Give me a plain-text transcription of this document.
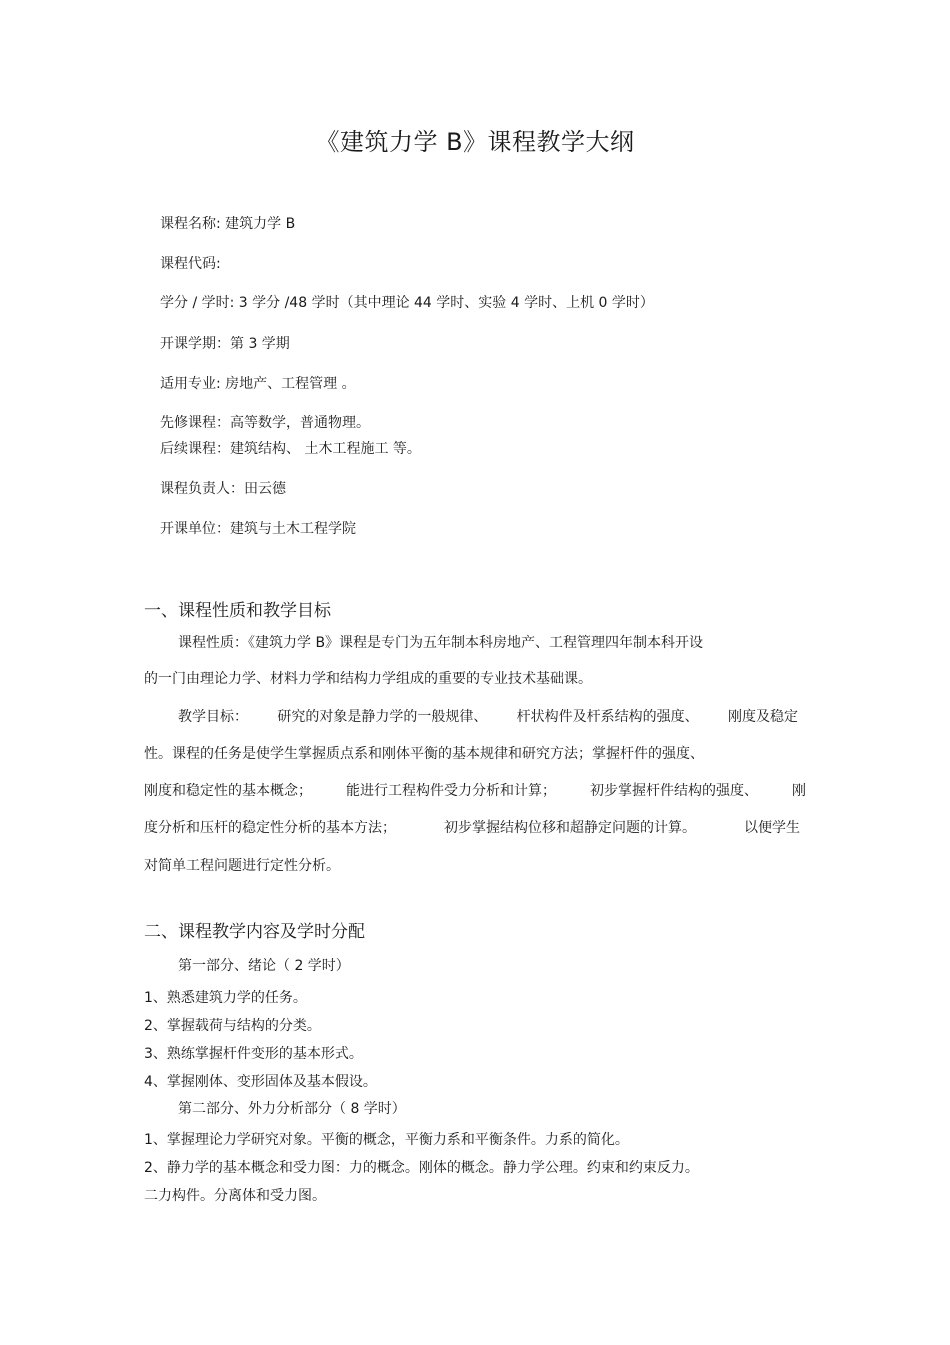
《建筑力学 B》课程教学大纲
课程名称: 建筑力学 B
课程代码:
学分 / 学时: 3 学分 /48 学时（其中理论 44 学时、实验 4 学时、上机 0 学时）
开课学期：第 3 学期
适用专业: 房地产、工程管理 。
先修课程：高等数学，普通物理。
后续课程：建筑结构、 土木工程施工 等。
课程负责人：田云德
开课单位：建筑与土木工程学院
一、课程性质和教学目标
课程性质：《建筑力学 B》课程是专门为五年制本科房地产、工程管理四年制本科开设
的一门由理论力学、材料力学和结构力学组成的重要的专业技术基础课。
教学目标： 研究的对象是静力学的一般规律、 杆状构件及杆系结构的强度、 刚度及稳定
性。课程的任务是使学生掌握质点系和刚体平衡的基本规律和研究方法；掌握杆件的强度、
刚度和稳定性的基本概念； 能进行工程构件受力分析和计算； 初步掌握杆件结构的强度、 刚
度分析和压杆的稳定性分析的基本方法；	初步掌握结构位移和超静定问题的计算。	以便学生
对简单工程问题进行定性分析。
二、课程教学内容及学时分配
第一部分、绪论（ 2 学时）
1、熟悉建筑力学的任务。
2、掌握载荷与结构的分类。
3、熟练掌握杆件变形的基本形式。
4、掌握刚体、变形固体及基本假设。
第二部分、外力分析部分（ 8 学时）
1、掌握理论力学研究对象。平衡的概念，平衡力系和平衡条件。力系的简化。
2、静力学的基本概念和受力图：力的概念。刚体的概念。静力学公理。约束和约束反力。
二力构件。分离体和受力图。
